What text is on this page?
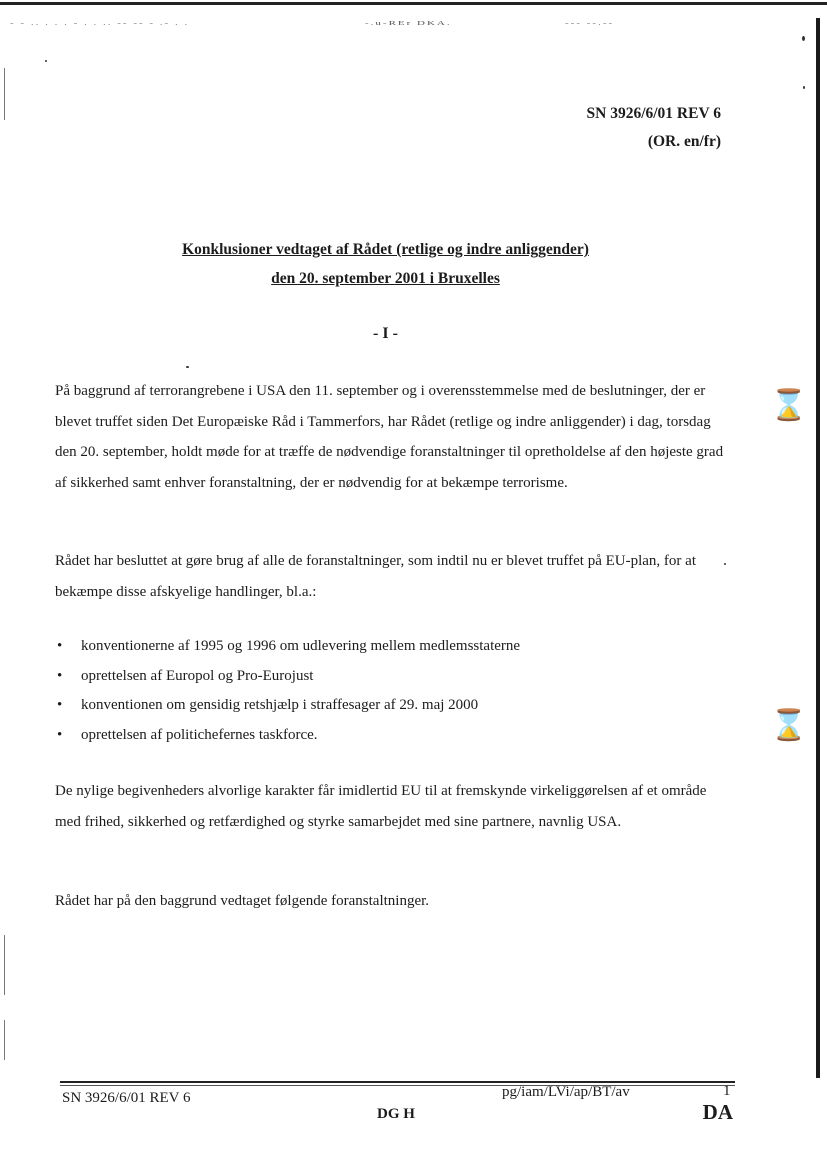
- - .. . . . - . . .. -- -- - .- . .	-.u-REr DKA.	--- --.--
SN 3926/6/01 REV 6
(OR. en/fr)
Konklusioner vedtaget af Rådet (retlige og indre anliggender)
den 20. september 2001 i Bruxelles
- I -

På baggrund af terrorangrebene i USA den 11. september og i overensstemmelse med de beslutninger, der er blevet truffet siden Det Europæiske Råd i Tammerfors, har Rådet (retlige og indre anliggender) i dag, torsdag den 20. september, holdt møde for at træffe de nødvendige foranstaltninger til opretholdelse af den højeste grad af sikkerhed samt enhver foranstaltning, der er nødvendig for at bekæmpe terrorisme.

Rådet har besluttet at gøre brug af alle de foranstaltninger, som indtil nu er blevet truffet på EU-plan, for at bekæmpe disse afskyelige handlinger, bl.a.:

• konventionerne af 1995 og 1996 om udlevering mellem medlemsstaterne
• oprettelsen af Europol og Pro-Eurojust
• konventionen om gensidig retshjælp i straffesager af 29. maj 2000
• oprettelsen af politichefernes taskforce.

De nylige begivenheders alvorlige karakter får imidlertid EU til at fremskynde virkeliggørelsen af et område med frihed, sikkerhed og retfærdighed og styrke samarbejdet med sine partnere, navnlig USA.

Rådet har på den baggrund vedtaget følgende foranstaltninger.

⌛
⌛
SN 3926/6/01 REV 6	pg/iam/LVi/ap/BT/av	1
DG H	DA
